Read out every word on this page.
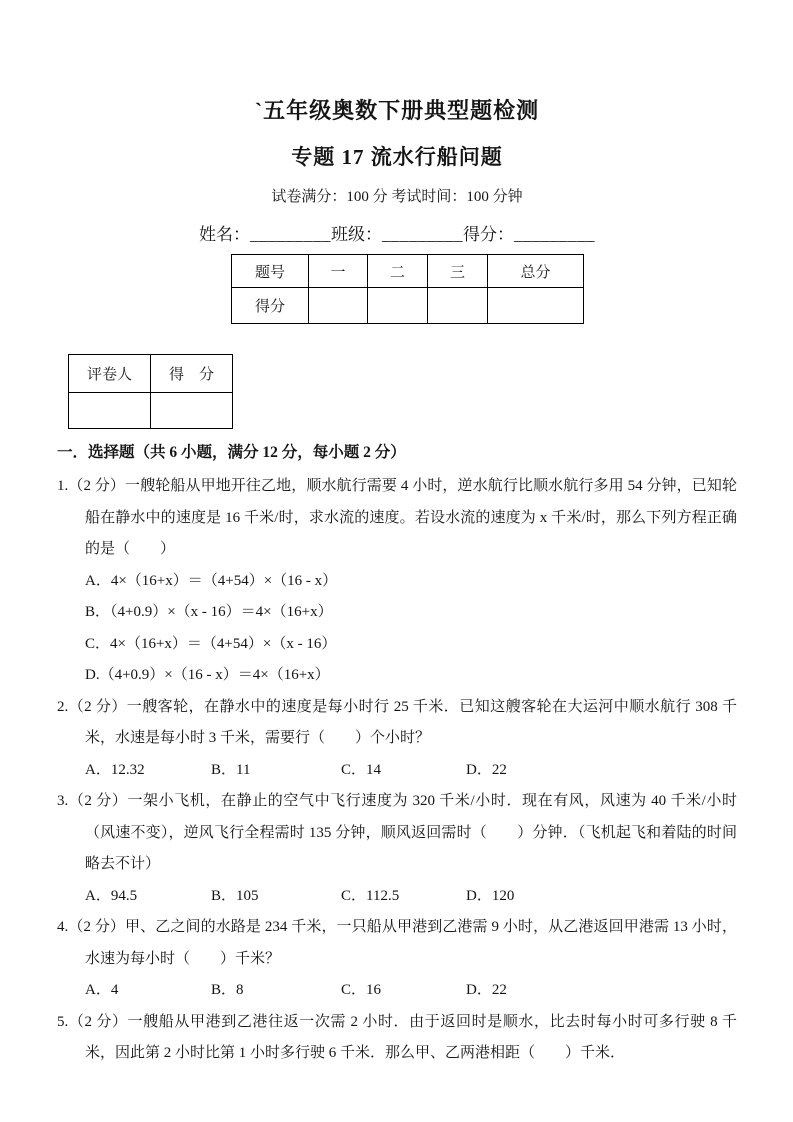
`五年级奥数下册典型题检测
专题 17 流水行船问题
试卷满分：100 分 考试时间：100 分钟
姓名：_________班级：_________得分：_________
题号	一	二	三	总分
得分				
评卷人	得　分

一．选择题（共 6 小题，满分 12 分，每小题 2 分）

1.（2 分）一艘轮船从甲地开往乙地，顺水航行需要 4 小时，逆水航行比顺水航行多用 54 分钟，已知轮船在静水中的速度是 16 千米/时，求水流的速度。若设水流的速度为 x 千米/时，那么下列方程正确的是（　　）

A．4×（16+x）＝（4+54）×（16 - x）

B．（4+0.9）×（x - 16）＝4×（16+x）

C．4×（16+x）＝（4+54）×（x - 16）

D.（4+0.9）×（16 - x）＝4×（16+x）

2.（2 分）一艘客轮，在静水中的速度是每小时行 25 千米．已知这艘客轮在大运河中顺水航行 308 千米，水速是每小时 3 千米，需要行（　　）个小时？

A．12.32	B．11	C．14	D．22

3.（2 分）一架小飞机，在静止的空气中飞行速度为 320 千米/小时．现在有风，风速为 40 千米/小时（风速不变），逆风飞行全程需时 135 分钟，顺风返回需时（　　）分钟．（飞机起飞和着陆的时间略去不计）

A．94.5	B．105	C．112.5	D．120

4.（2 分）甲、乙之间的水路是 234 千米，一只船从甲港到乙港需 9 小时，从乙港返回甲港需 13 小时，水速为每小时（　　）千米？

A．4	B．8	C．16	D．22

5.（2 分）一艘船从甲港到乙港往返一次需 2 小时．由于返回时是顺水，比去时每小时可多行驶 8 千米，因此第 2 小时比第 1 小时多行驶 6 千米．那么甲、乙两港相距（　　）千米．
